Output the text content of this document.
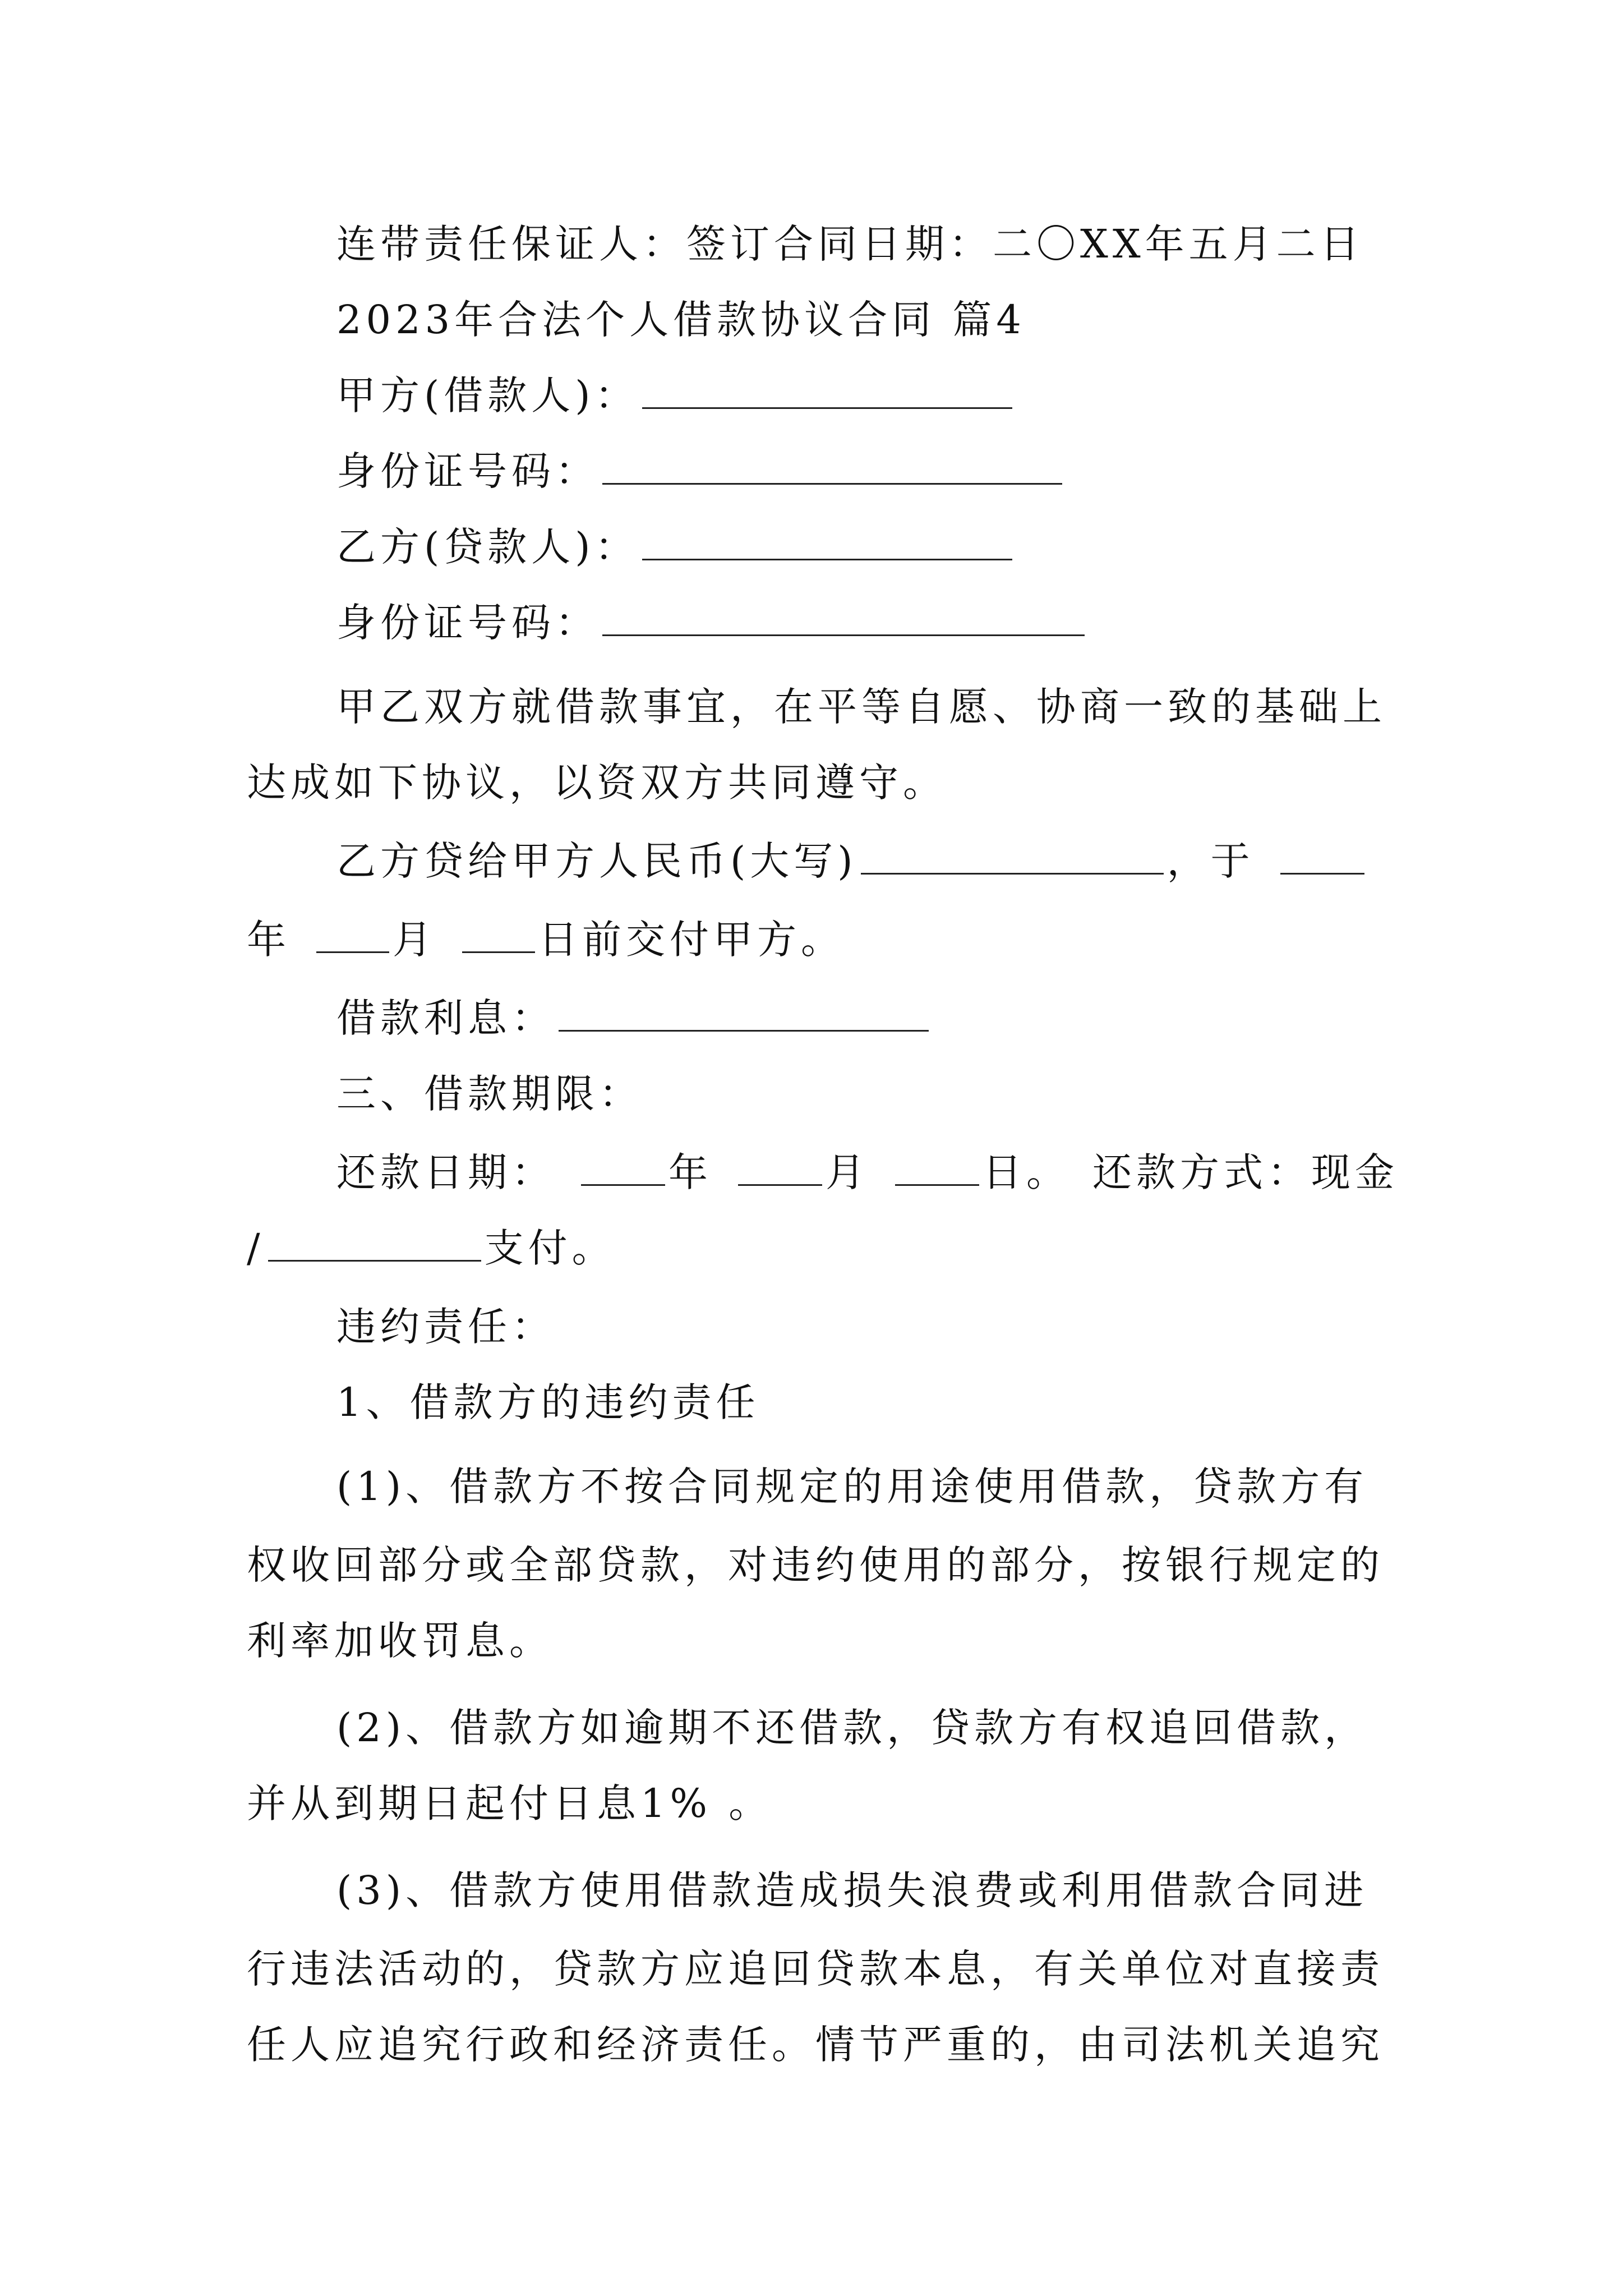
连带责任保证人：签订合同日期：二〇XX年五月二日
2023年合法个人借款协议合同 篇4
甲方(借款人)：
身份证号码：
乙方(贷款人)：
身份证号码：
甲乙双方就借款事宜，在平等自愿、协商一致的基础上
达成如下协议，以资双方共同遵守。
乙方贷给甲方人民币(大写)	，于
年	月	日前交付甲方。
借款利息：
三、借款期限：
还款日期：	年	月	日。 还款方式：现金
/	支付。
违约责任：
1、借款方的违约责任
(1)、借款方不按合同规定的用途使用借款，贷款方有
权收回部分或全部贷款，对违约使用的部分，按银行规定的
利率加收罚息。
(2)、借款方如逾期不还借款，贷款方有权追回借款，
并从到期日起付日息1% 。
(3)、借款方使用借款造成损失浪费或利用借款合同进
行违法活动的，贷款方应追回贷款本息，有关单位对直接责
任人应追究行政和经济责任。情节严重的，由司法机关追究
